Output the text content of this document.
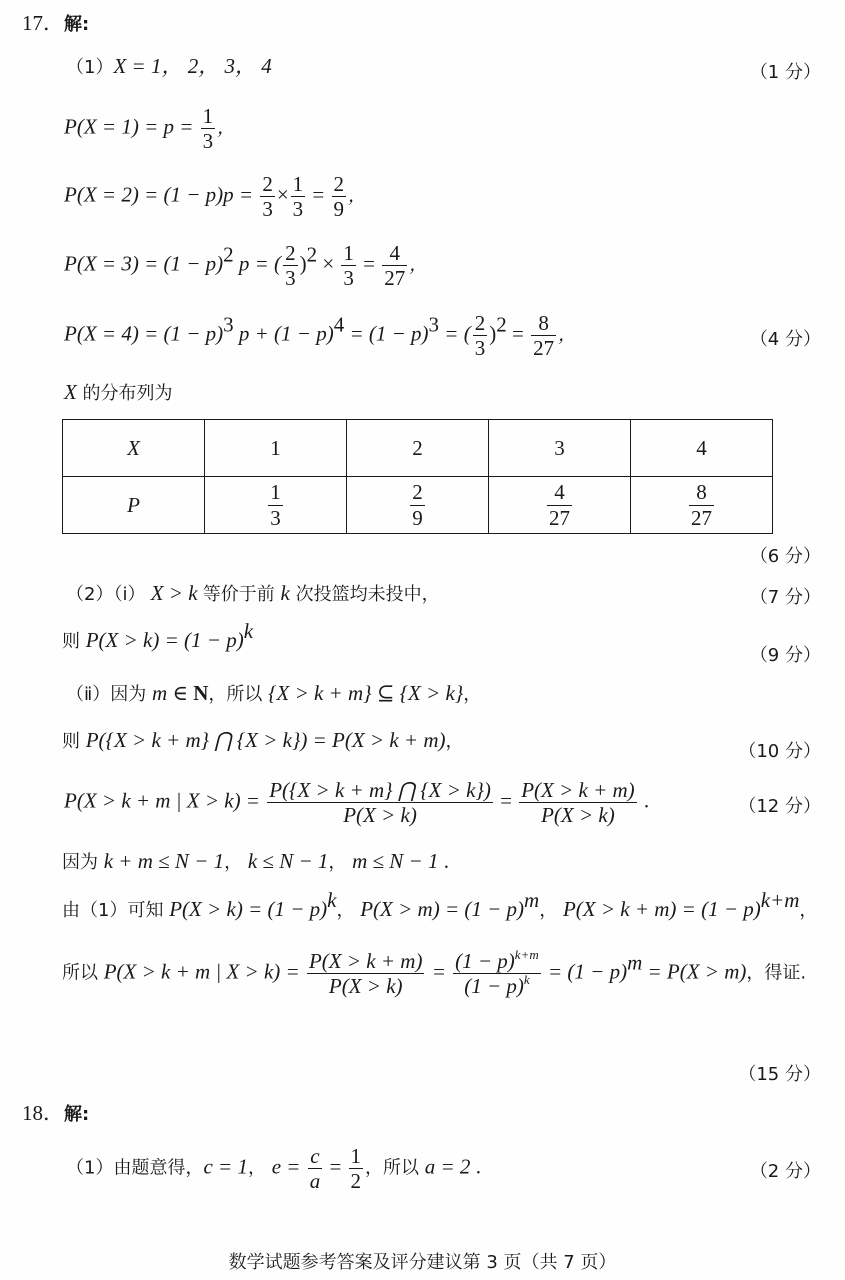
17．解:
（1）X = 1， 2， 3， 4	（1 分）
$P(X = 1) = p = \frac{1}{3}$ ，
$P(X = 2) = (1 - p)p = \frac{2}{3} \times \frac{1}{3} = \frac{2}{9}$ ，
$P(X = 3) = (1 - p)^2$ p = ( $\frac{2}{3} )^2 \times \frac{1}{3} = \frac{4}{27}$ ，
$P(X = 4) = (1 - p)^3$ $p + (1 - p)^4 = (1 - p)^3$ = ( $\frac{2}{3} )^2 = \frac{8}{27}$ ，	（4 分）
X 的分布列为
X	1	2	3	4
P	$\frac{1}{3}$	$\frac{2}{9}$	$\frac{4}{27}$	$\frac{8}{27}$
（6 分）
（2）（ⅰ） X > k 等价于前 k 次投篮均未投中，	（7 分）
则 $P(X > k) = (1 - p)^k$
（9 分）
（ⅱ）因为 m ∈ N，所以 {X > k + m} ⊆ {X > k}，
则 P({X > k + m} ⋂ {X > k}) = P(X > k + m)，	（10 分）
P(X > k + m | $X > k) = \frac{P(\{X > k + m\} ⋂ \{X > k\})}{P(X > k)} = \frac{P(X > k + m)}{P(X > k)}$ .	（12 分）
因为 k + m ≤ N − 1， k ≤ N − 1， m ≤ N − 1 .
由（1）可知 $P(X > k) = (1 - p)^k$， $P(X > m) = (1 - p)^m$， $P(X > k + m) = (1 - p)^{k+m}$，
所以 P(X > k + m | $X > k) = \frac{P(X > k + m)}{P(X > k)} = \frac{(1 - p)^{k+m}}{(1 - p)^k} = (1 - p)^m = P(X > m)$，得证.
（15 分）
18．解:
（1）由题意得，c = 1， $e = \frac{c}{a} = \frac{1}{2}$ ，所以 a = 2 .	（2 分）
数学试题参考答案及评分建议第 3 页（共 7 页）
